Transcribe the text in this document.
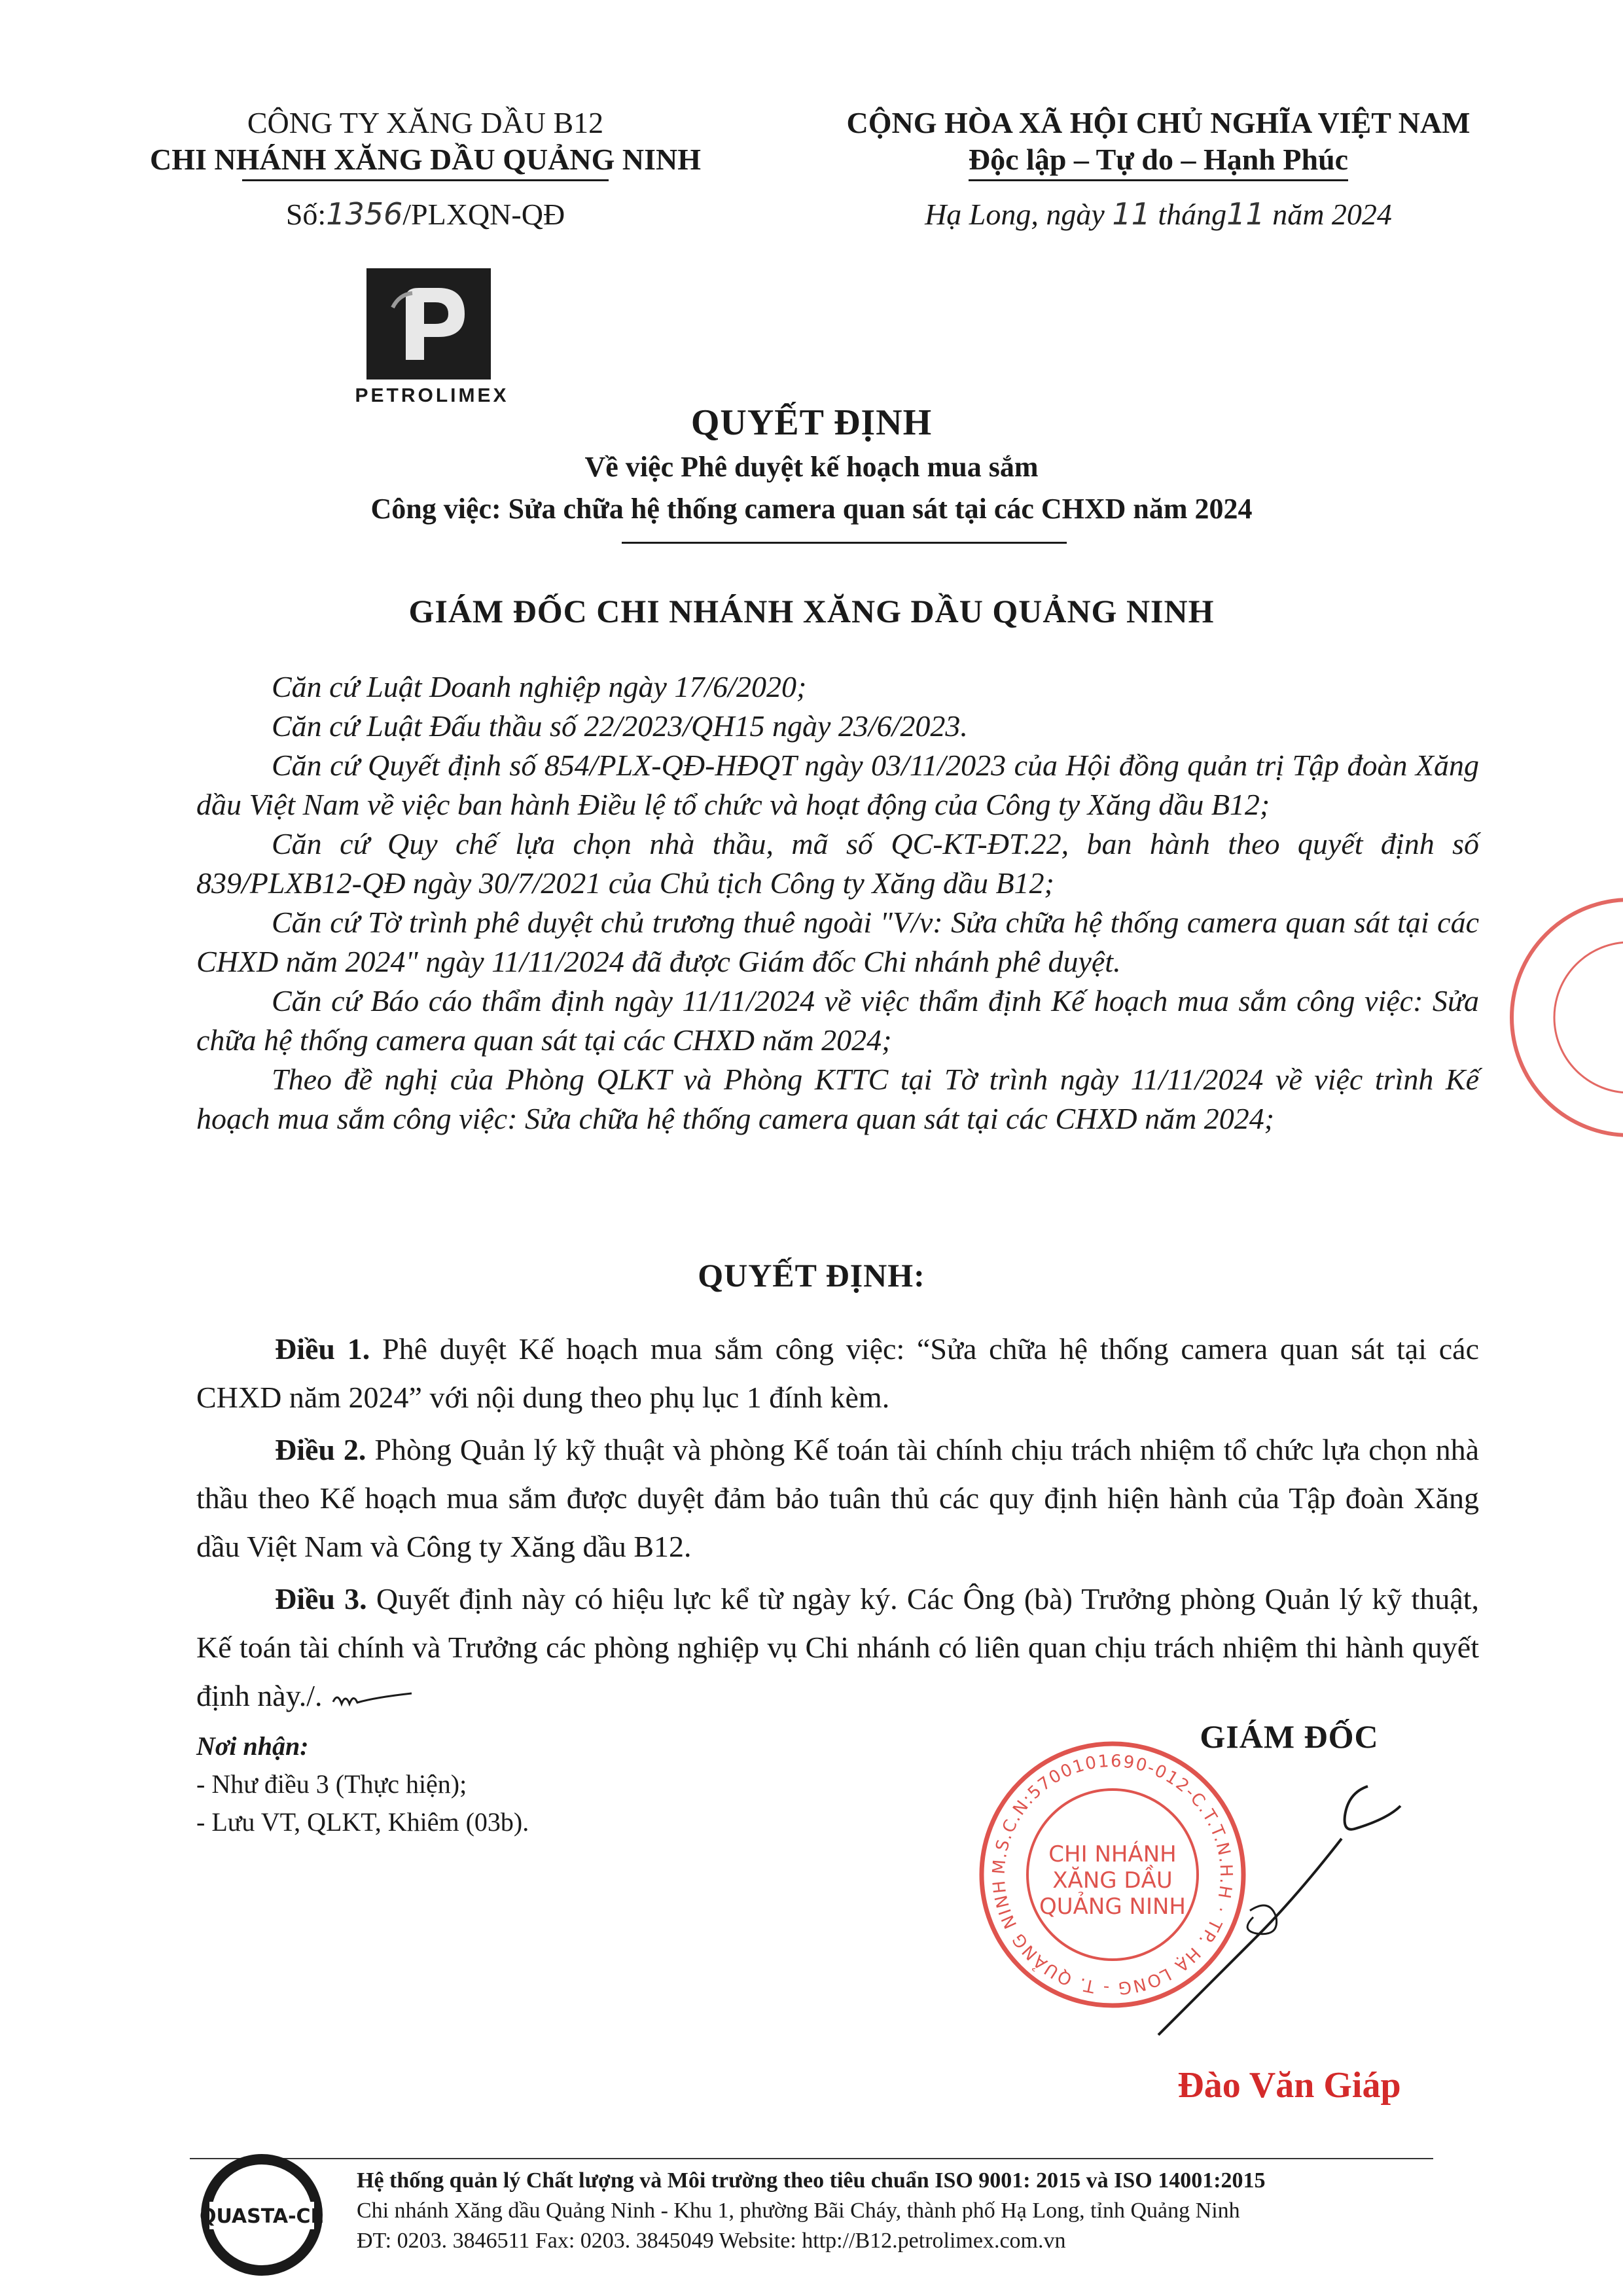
CÔNG TY XĂNG DẦU B12
CHI NHÁNH XĂNG DẦU QUẢNG NINH
Số:1356/PLXQN-QĐ
CỘNG HÒA XÃ HỘI CHỦ NGHĨA VIỆT NAM
Độc lập – Tự do – Hạnh Phúc
Hạ Long, ngày 11 tháng11 năm 2024
PETROLIMEX
QUYẾT ĐỊNH
Về việc Phê duyệt kế hoạch mua sắm
Công việc: Sửa chữa hệ thống camera quan sát tại các CHXD năm 2024
GIÁM ĐỐC CHI NHÁNH XĂNG DẦU QUẢNG NINH

Căn cứ Luật Doanh nghiệp ngày 17/6/2020;

Căn cứ Luật Đấu thầu số 22/2023/QH15 ngày 23/6/2023.

Căn cứ Quyết định số 854/PLX-QĐ-HĐQT ngày 03/11/2023 của Hội đồng quản trị Tập đoàn Xăng dầu Việt Nam về việc ban hành Điều lệ tổ chức và hoạt động của Công ty Xăng dầu B12;

Căn cứ Quy chế lựa chọn nhà thầu, mã số QC-KT-ĐT.22, ban hành theo quyết định số 839/PLXB12-QĐ ngày 30/7/2021 của Chủ tịch Công ty Xăng dầu B12;

Căn cứ Tờ trình phê duyệt chủ trương thuê ngoài "V/v: Sửa chữa hệ thống camera quan sát tại các CHXD năm 2024" ngày 11/11/2024 đã được Giám đốc Chi nhánh phê duyệt.

Căn cứ Báo cáo thẩm định ngày 11/11/2024 về việc thẩm định Kế hoạch mua sắm công việc: Sửa chữa hệ thống camera quan sát tại các CHXD năm 2024;

Theo đề nghị của Phòng QLKT và Phòng KTTC tại Tờ trình ngày 11/11/2024 về việc trình Kế hoạch mua sắm công việc: Sửa chữa hệ thống camera quan sát tại các CHXD năm 2024;

QUYẾT ĐỊNH:

Điều 1. Phê duyệt Kế hoạch mua sắm công việc: “Sửa chữa hệ thống camera quan sát tại các CHXD năm 2024” với nội dung theo phụ lục 1 đính kèm.

Điều 2. Phòng Quản lý kỹ thuật và phòng Kế toán tài chính chịu trách nhiệm tổ chức lựa chọn nhà thầu theo Kế hoạch mua sắm được duyệt đảm bảo tuân thủ các quy định hiện hành của Tập đoàn Xăng dầu Việt Nam và Công ty Xăng dầu B12.

Điều 3. Quyết định này có hiệu lực kể từ ngày ký. Các Ông (bà) Trưởng phòng Quản lý kỹ thuật, Kế toán tài chính và Trưởng các phòng nghiệp vụ Chi nhánh có liên quan chịu trách nhiệm thi hành quyết định này./.

Nơi nhận:
- Như điều 3 (Thực hiện);
- Lưu VT, QLKT, Khiêm (03b).
GIÁM ĐỐC
M.S.C.N:5700101690-012-C.T.T.N.H.H · TP. HẠ LONG - T. QUẢNG NINH
CHI NHÁNH
XĂNG DẦU
QUẢNG NINH
Đào Văn Giáp
QUASTA-CE
Hệ thống quản lý Chất lượng và Môi trường theo tiêu chuẩn ISO 9001: 2015 và ISO 14001:2015
Chi nhánh Xăng dầu Quảng Ninh - Khu 1, phường Bãi Cháy, thành phố Hạ Long, tỉnh Quảng Ninh
ĐT: 0203. 3846511 Fax: 0203. 3845049 Website: http://B12.petrolimex.com.vn
